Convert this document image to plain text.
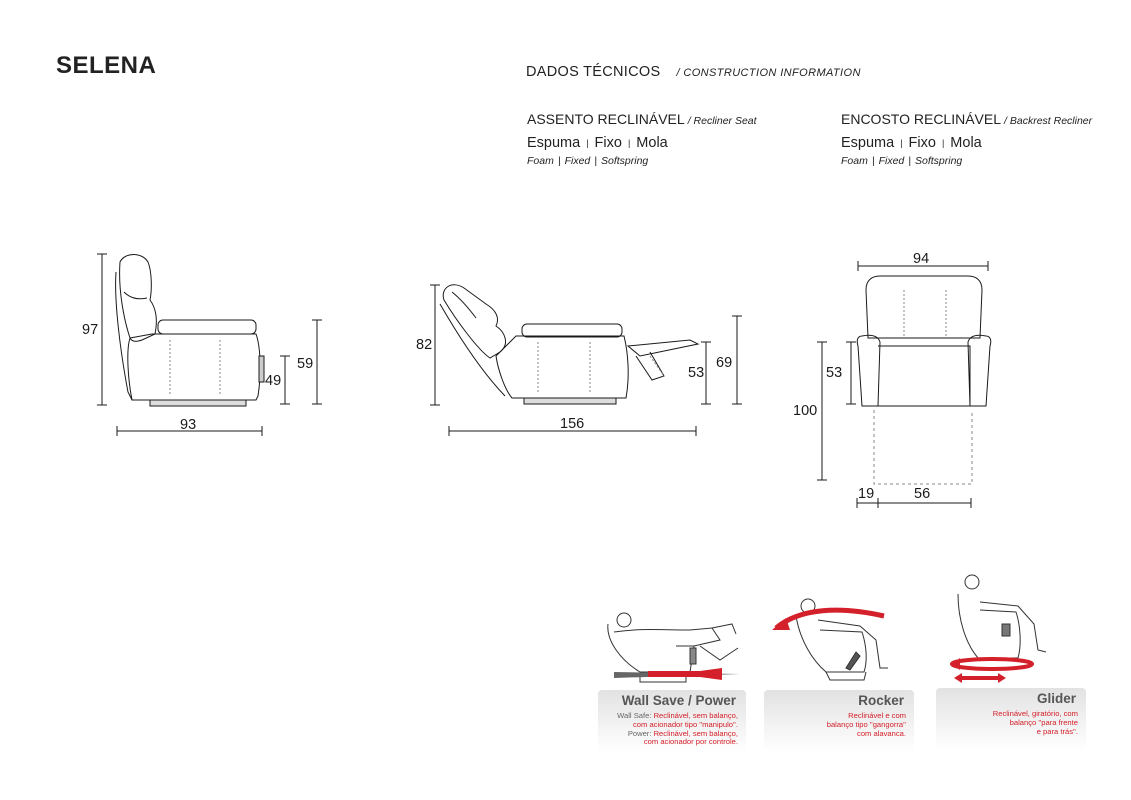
SELENA	DADOS TÉCNICOS / CONSTRUCTION INFORMATION
ASSENTO RECLINÁVEL / Recliner Seat
Espuma | Fixo | Mola
Foam | Fixed | Softspring
ENCOSTO RECLINÁVEL / Backrest Recliner
Espuma | Fixo | Mola
Foam | Fixed | Softspring
97
93
49
59
82
156
53
69
94
53
100
19	56
Wall Save / Power
Wall Safe: Reclinável, sem balanço,
com acionador tipo ''manipulo''.
Power: Reclinável, sem balanço,
com acionador por controle.
Rocker
Reclinável e com
balanço tipo ''gangorra''
com alavanca.
Glider
Reclinável, giratório, com
balanço ''para frente
e para trás''.
